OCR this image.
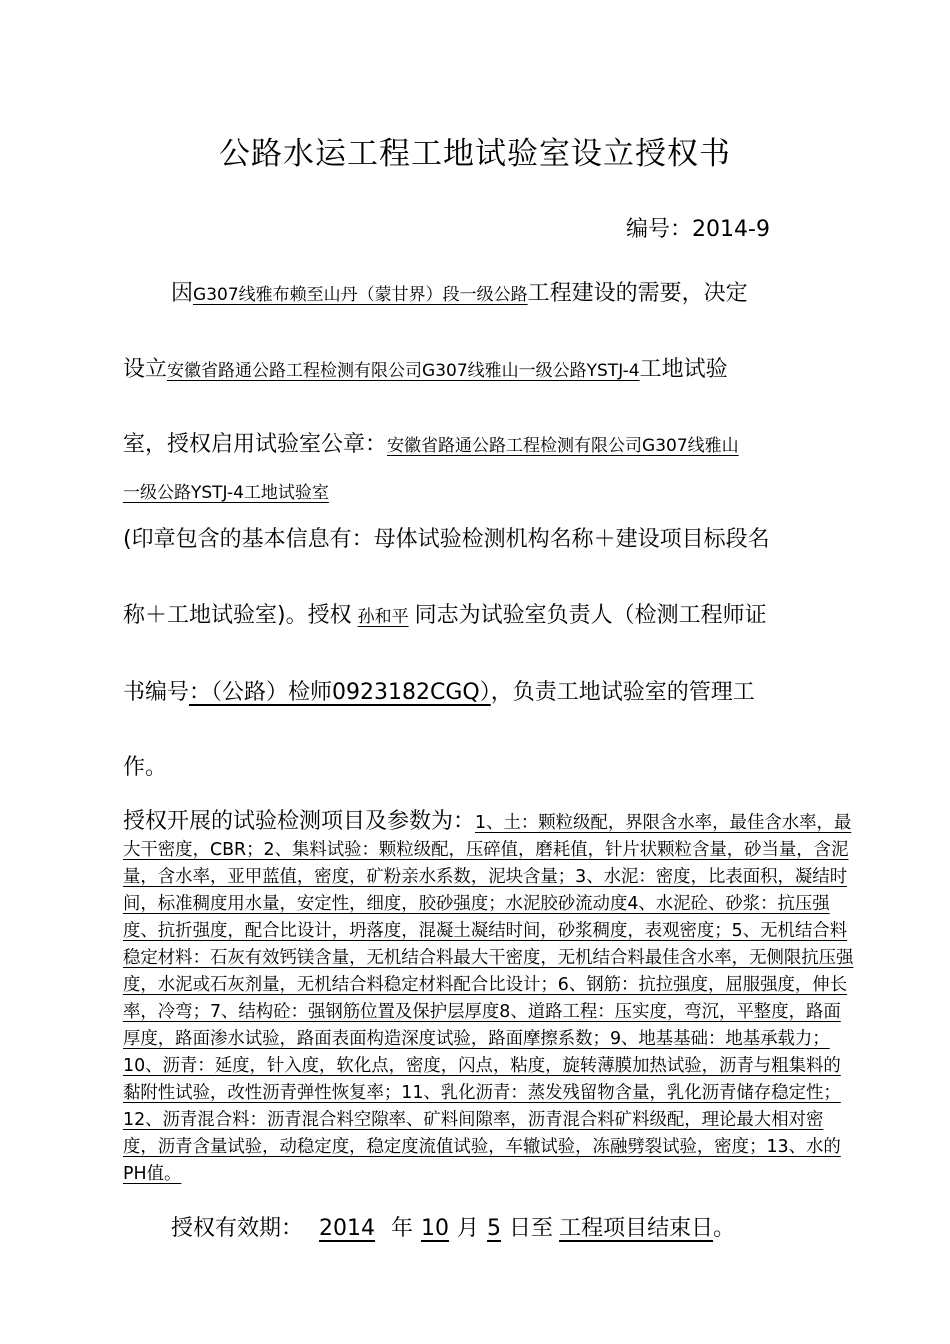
公路水运工程工地试验室设立授权书
编号：2014-9
因G307线雅布赖至山丹（蒙甘界）段一级公路工程建设的需要，决定
设立安徽省路通公路工程检测有限公司G307线雅山一级公路YSTJ-4工地试验
室，授权启用试验室公章：安徽省路通公路工程检测有限公司G307线雅山
一级公路YSTJ-4工地试验室
(印章包含的基本信息有：母体试验检测机构名称＋建设项目标段名
称＋工地试验室)。授权 孙和平 同志为试验室负责人（检测工程师证
书编号：（公路）检师0923182CGQ），负责工地试验室的管理工
作。
授权开展的试验检测项目及参数为：1、土：颗粒级配，界限含水率，最佳含水率，最大干密度，CBR；2、集料试验：颗粒级配，压碎值，磨耗值，针片状颗粒含量，砂当量，含泥量，含水率，亚甲蓝值，密度，矿粉亲水系数，泥块含量；3、水泥：密度，比表面积，凝结时间，标准稠度用水量，安定性，细度，胶砂强度；水泥胶砂流动度4、水泥砼、砂浆：抗压强度、抗折强度，配合比设计，坍落度，混凝土凝结时间，砂浆稠度，表观密度；5、无机结合料稳定材料：石灰有效钙镁含量，无机结合料最大干密度，无机结合料最佳含水率，无侧限抗压强度，水泥或石灰剂量，无机结合料稳定材料配合比设计；6、钢筋：抗拉强度，屈服强度，伸长率，冷弯；7、结构砼：强钢筋位置及保护层厚度8、道路工程：压实度，弯沉，平整度，路面厚度，路面渗水试验，路面表面构造深度试验，路面摩擦系数；9、地基基础：地基承载力；10、沥青：延度，针入度，软化点，密度，闪点，粘度，旋转薄膜加热试验，沥青与粗集料的黏附性试验，改性沥青弹性恢复率；11、乳化沥青：蒸发残留物含量，乳化沥青储存稳定性；12、沥青混合料：沥青混合料空隙率、矿料间隙率，沥青混合料矿料级配，理论最大相对密度，沥青含量试验，动稳定度，稳定度流值试验，车辙试验，冻融劈裂试验，密度；13、水的PH值。
授权有效期： 2014 年 10 月 5 日至 工程项目结束日。
